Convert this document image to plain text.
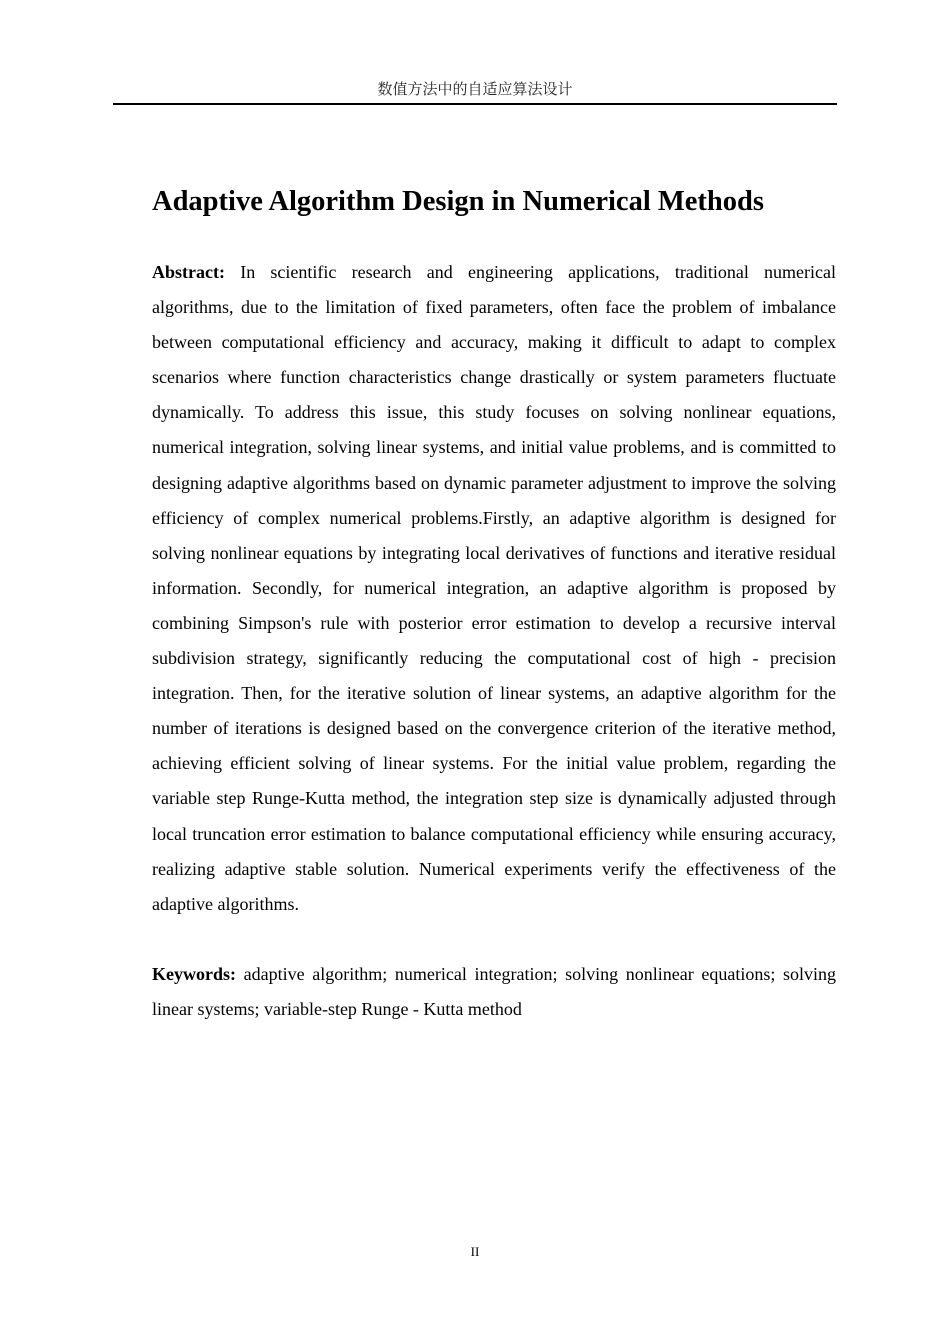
数值方法中的自适应算法设计
Adaptive Algorithm Design in Numerical Methods

Abstract: In scientific research and engineering applications, traditional numerical algorithms, due to the limitation of fixed parameters, often face the problem of imbalance between computational efficiency and accuracy, making it difficult to adapt to complex scenarios where function characteristics change drastically or system parameters fluctuate dynamically. To address this issue, this study focuses on solving nonlinear equations, numerical integration, solving linear systems, and initial value problems, and is committed to designing adaptive algorithms based on dynamic parameter adjustment to improve the solving efficiency of complex numerical problems.Firstly, an adaptive algorithm is designed for solving nonlinear equations by integrating local derivatives of functions and iterative residual information. Secondly, for numerical integration, an adaptive algorithm is proposed by combining Simpson's rule with posterior error estimation to develop a recursive interval subdivision strategy, significantly reducing the computational cost of high - precision integration. Then, for the iterative solution of linear systems, an adaptive algorithm for the number of iterations is designed based on the convergence criterion of the iterative method, achieving efficient solving of linear systems. For the initial value problem, regarding the variable step Runge-Kutta method, the integration step size is dynamically adjusted through local truncation error estimation to balance computational efficiency while ensuring accuracy, realizing adaptive stable solution. Numerical experiments verify the effectiveness of the adaptive algorithms.

Keywords: adaptive algorithm; numerical integration; solving nonlinear equations; solving linear systems; variable-step Runge - Kutta method

II
